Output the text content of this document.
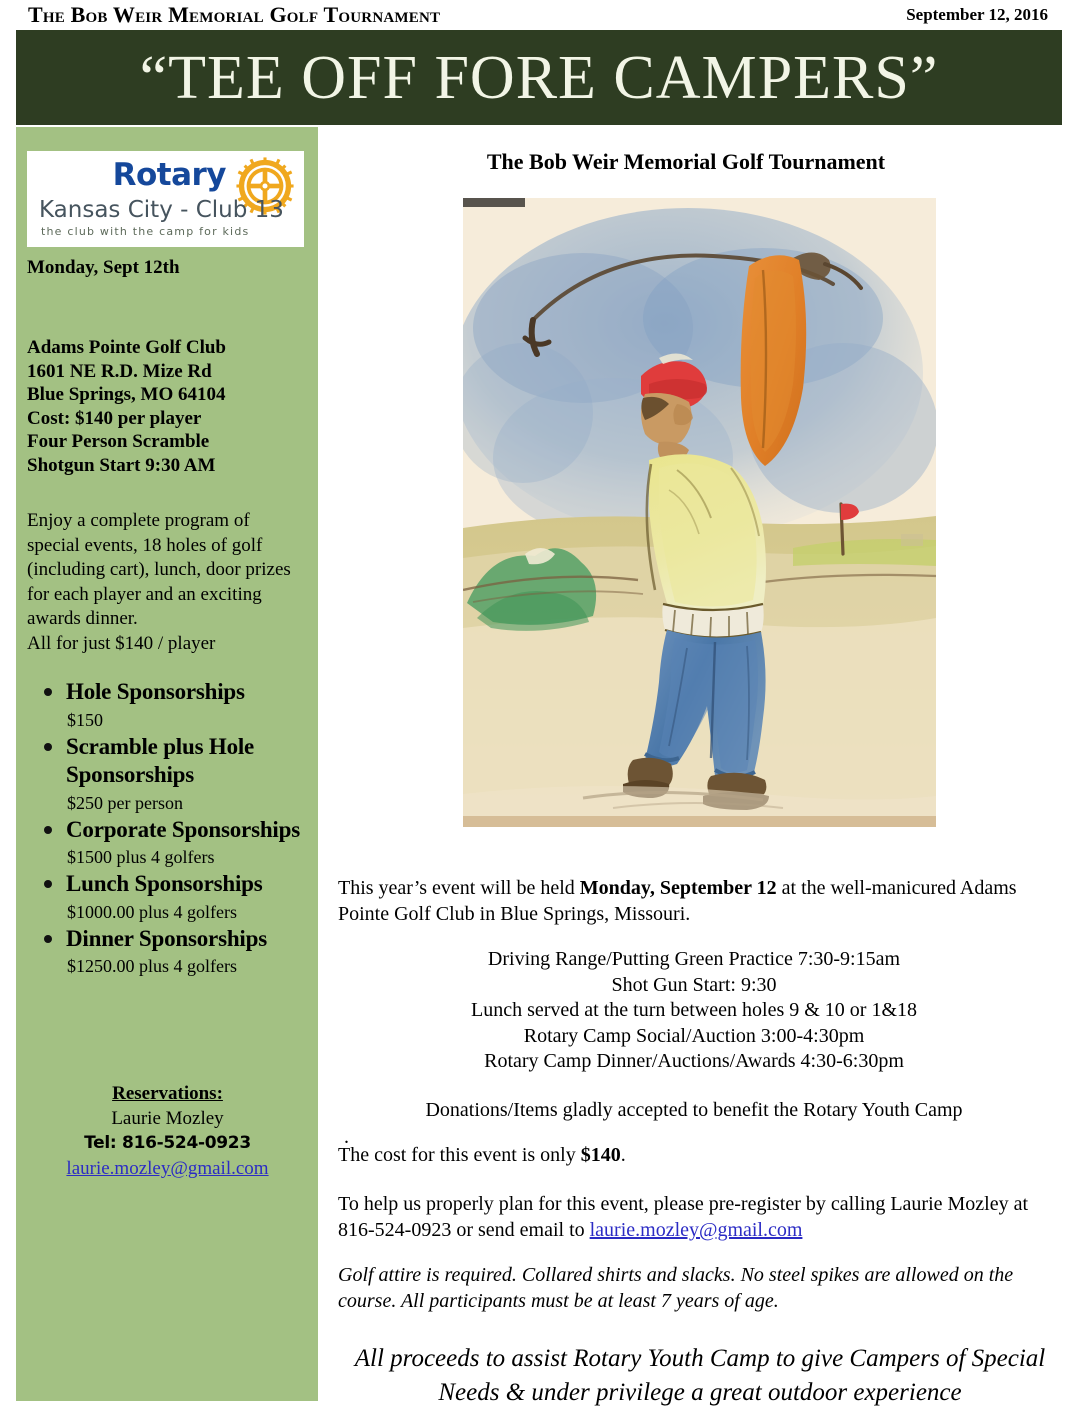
The Bob Weir Memorial Golf Tournament	September 12, 2016
“TEE OFF FORE CAMPERS”
Rotary
Kansas City - Club 13
the club with the camp for kids
Monday, Sept 12th
Adams Pointe Golf Club
1601 NE R.D. Mize Rd
Blue Springs, MO 64104
Cost: $140 per player
Four Person Scramble
Shotgun Start 9:30 AM
Enjoy a complete program of special events, 18 holes of golf (including cart), lunch, door prizes for each player and an exciting awards dinner.
All for just $140 / player
Hole Sponsorships
$150
Scramble plus Hole Sponsorships
$250 per person
Corporate Sponsorships
$1500 plus 4 golfers
Lunch Sponsorships
$1000.00 plus 4 golfers
Dinner Sponsorships
$1250.00 plus 4 golfers
Reservations:
Laurie Mozley
Tel: 816-524-0923
laurie.mozley@gmail.com
The Bob Weir Memorial Golf Tournament
This year’s event will be held Monday, September 12 at the well-manicured Adams Pointe Golf Club in Blue Springs, Missouri.
Driving Range/Putting Green Practice 7:30-9:15am
Shot Gun Start: 9:30
Lunch served at the turn between holes 9 & 10 or 1&18
Rotary Camp Social/Auction 3:00-4:30pm
Rotary Camp Dinner/Auctions/Awards 4:30-6:30pm
Donations/Items gladly accepted to benefit the Rotary Youth Camp
.
The cost for this event is only $140.
To help us properly plan for this event, please pre-register by calling Laurie Mozley at 816-524-0923 or send email to laurie.mozley@gmail.com
Golf attire is required. Collared shirts and slacks. No steel spikes are allowed on the course. All participants must be at least 7 years of age.
All proceeds to assist Rotary Youth Camp to give Campers of Special Needs & under privilege a great outdoor experience
